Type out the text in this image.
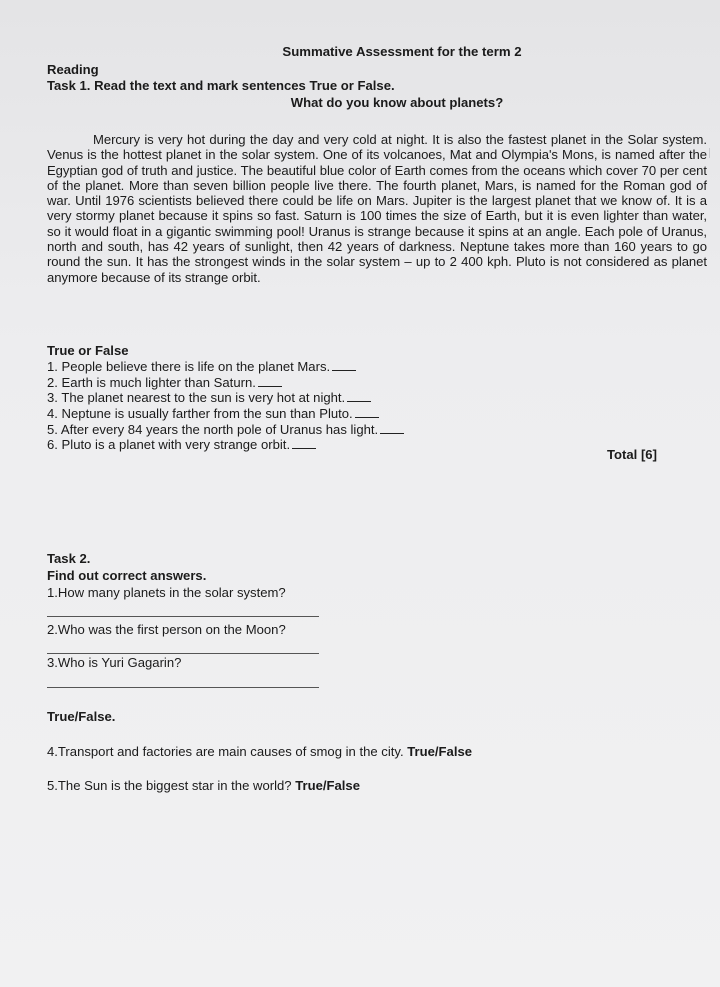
Summative Assessment for the term 2
Reading
Task 1. Read the text and mark sentences True or False.
What do you know about planets?
Mercury is very hot during the day and very cold at night. It is also the fastest planet in the Solar system. Venus is the hottest planet in the solar system. One of its volcanoes, Mat and Olympia's Mons, is named after the Egyptian god of truth and justice. The beautiful blue color of Earth comes from the oceans which cover 70 per cent of the planet. More than seven billion people live there. The fourth planet, Mars, is named for the Roman god of war. Until 1976 scientists believed there could be life on Mars. Jupiter is the largest planet that we know of. It is a very stormy planet because it spins so fast. Saturn is 100 times the size of Earth, but it is even lighter than water, so it would float in a gigantic swimming pool! Uranus is strange because it spins at an angle. Each pole of Uranus, north and south, has 42 years of sunlight, then 42 years of darkness. Neptune takes more than 160 years to go round the sun. It has the strongest winds in the solar system – up to 2 400 kph. Pluto is not considered as planet anymore because of its strange orbit.
True or False
1. People believe there is life on the planet Mars.
2. Earth is much lighter than Saturn.
3. The planet nearest to the sun is very hot at night.
4. Neptune is usually farther from the sun than Pluto.
5. After every 84 years the north pole of Uranus has light.
6. Pluto is a planet with very strange orbit.
Total [6]
Task 2.
Find out correct answers.
1.How many planets in the solar system?
2.Who was the first person on the Moon?
3.Who is Yuri Gagarin?
True/False.
4.Transport and factories are main causes of smog in the city. True/False
5.The Sun is the biggest star in the world? True/False
